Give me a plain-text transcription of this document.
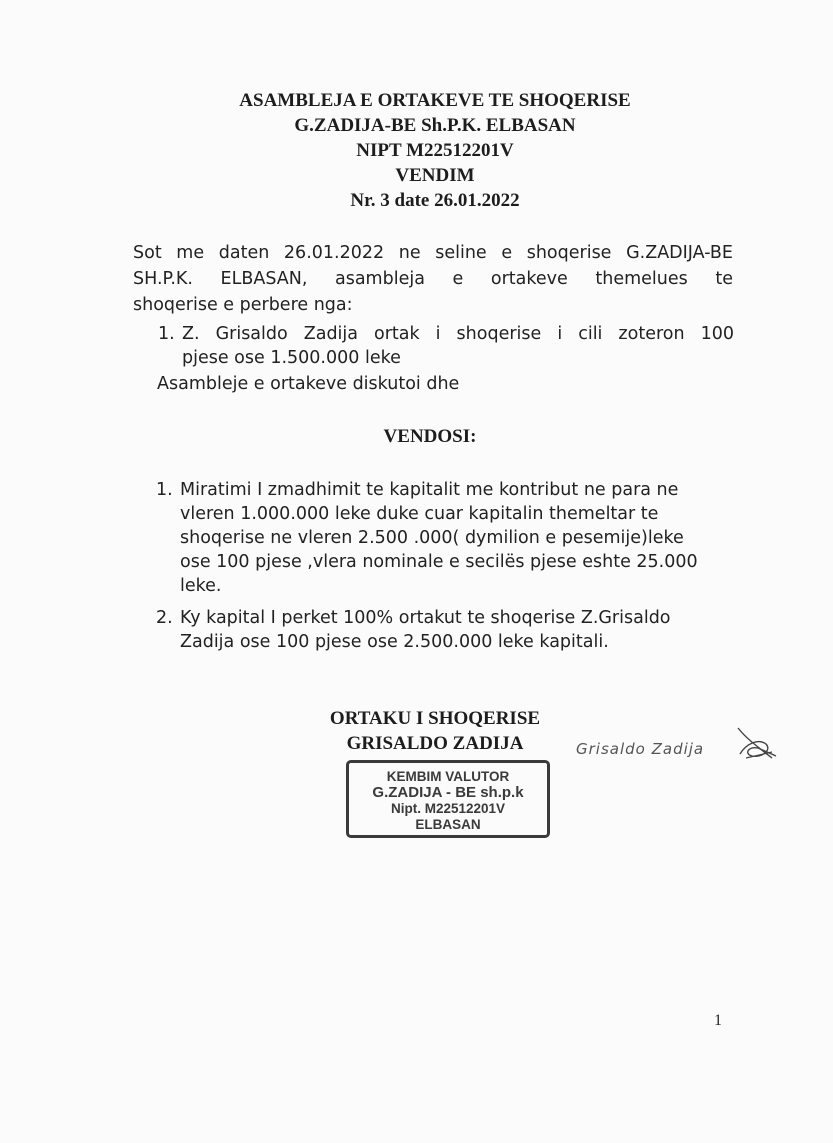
ASAMBLEJA E ORTAKEVE TE SHOQERISE
G.ZADIJA-BE Sh.P.K. ELBASAN
NIPT M22512201V
VENDIM
Nr. 3 date 26.01.2022
Sot me daten 26.01.2022 ne seline e shoqerise G.ZADIJA-BE
SH.P.K. ELBASAN, asambleja e ortakeve themelues te
shoqerise e perbere nga:
1. Z. Grisaldo Zadija ortak i shoqerise i cili zoteron 100
pjese ose 1.500.000 leke
Asambleje e ortakeve diskutoi dhe
VENDOSI:
1. Miratimi I zmadhimit te kapitalit me kontribut ne para ne
vleren 1.000.000 leke duke cuar kapitalin themeltar te
shoqerise ne vleren 2.500 .000( dymilion e pesemije)leke
ose 100 pjese ,vlera nominale e secilës pjese eshte 25.000
leke.
2. Ky kapital I perket 100% ortakut te shoqerise Z.Grisaldo
Zadija ose 100 pjese ose 2.500.000 leke kapitali.
ORTAKU I SHOQERISE
GRISALDO ZADIJA	Grisaldo Zadija
KEMBIM VALUTOR
G.ZADIJA - BE sh.p.k
Nipt. M22512201V
ELBASAN
1
